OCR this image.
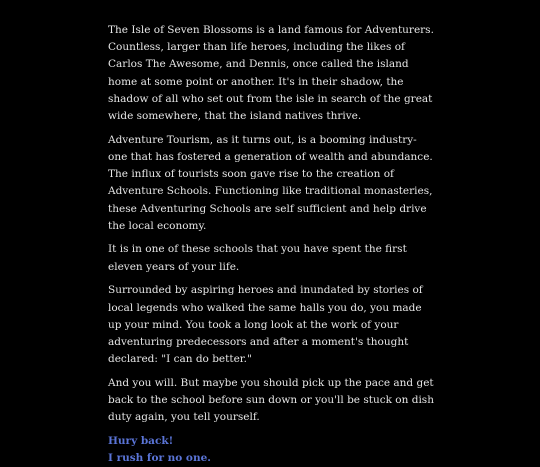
The Isle of Seven Blossoms is a land famous for Adventurers. Countless, larger than life heroes, including the likes of Carlos The Awesome, and Dennis, once called the island home at some point or another. It's in their shadow, the shadow of all who set out from the isle in search of the great wide somewhere, that the island natives thrive.

Adventure Tourism, as it turns out, is a booming industry- one that has fostered a generation of wealth and abundance. The influx of tourists soon gave rise to the creation of Adventure Schools. Functioning like traditional monasteries, these Adventuring Schools are self sufficient and help drive the local economy.

It is in one of these schools that you have spent the first eleven years of your life.

Surrounded by aspiring heroes and inundated by stories of local legends who walked the same halls you do, you made up your mind. You took a long look at the work of your adventuring predecessors and after a moment's thought declared: "I can do better."

And you will. But maybe you should pick up the pace and get back to the school before sun down or you'll be stuck on dish duty again, you tell yourself.

Hury back!
I rush for no one.
